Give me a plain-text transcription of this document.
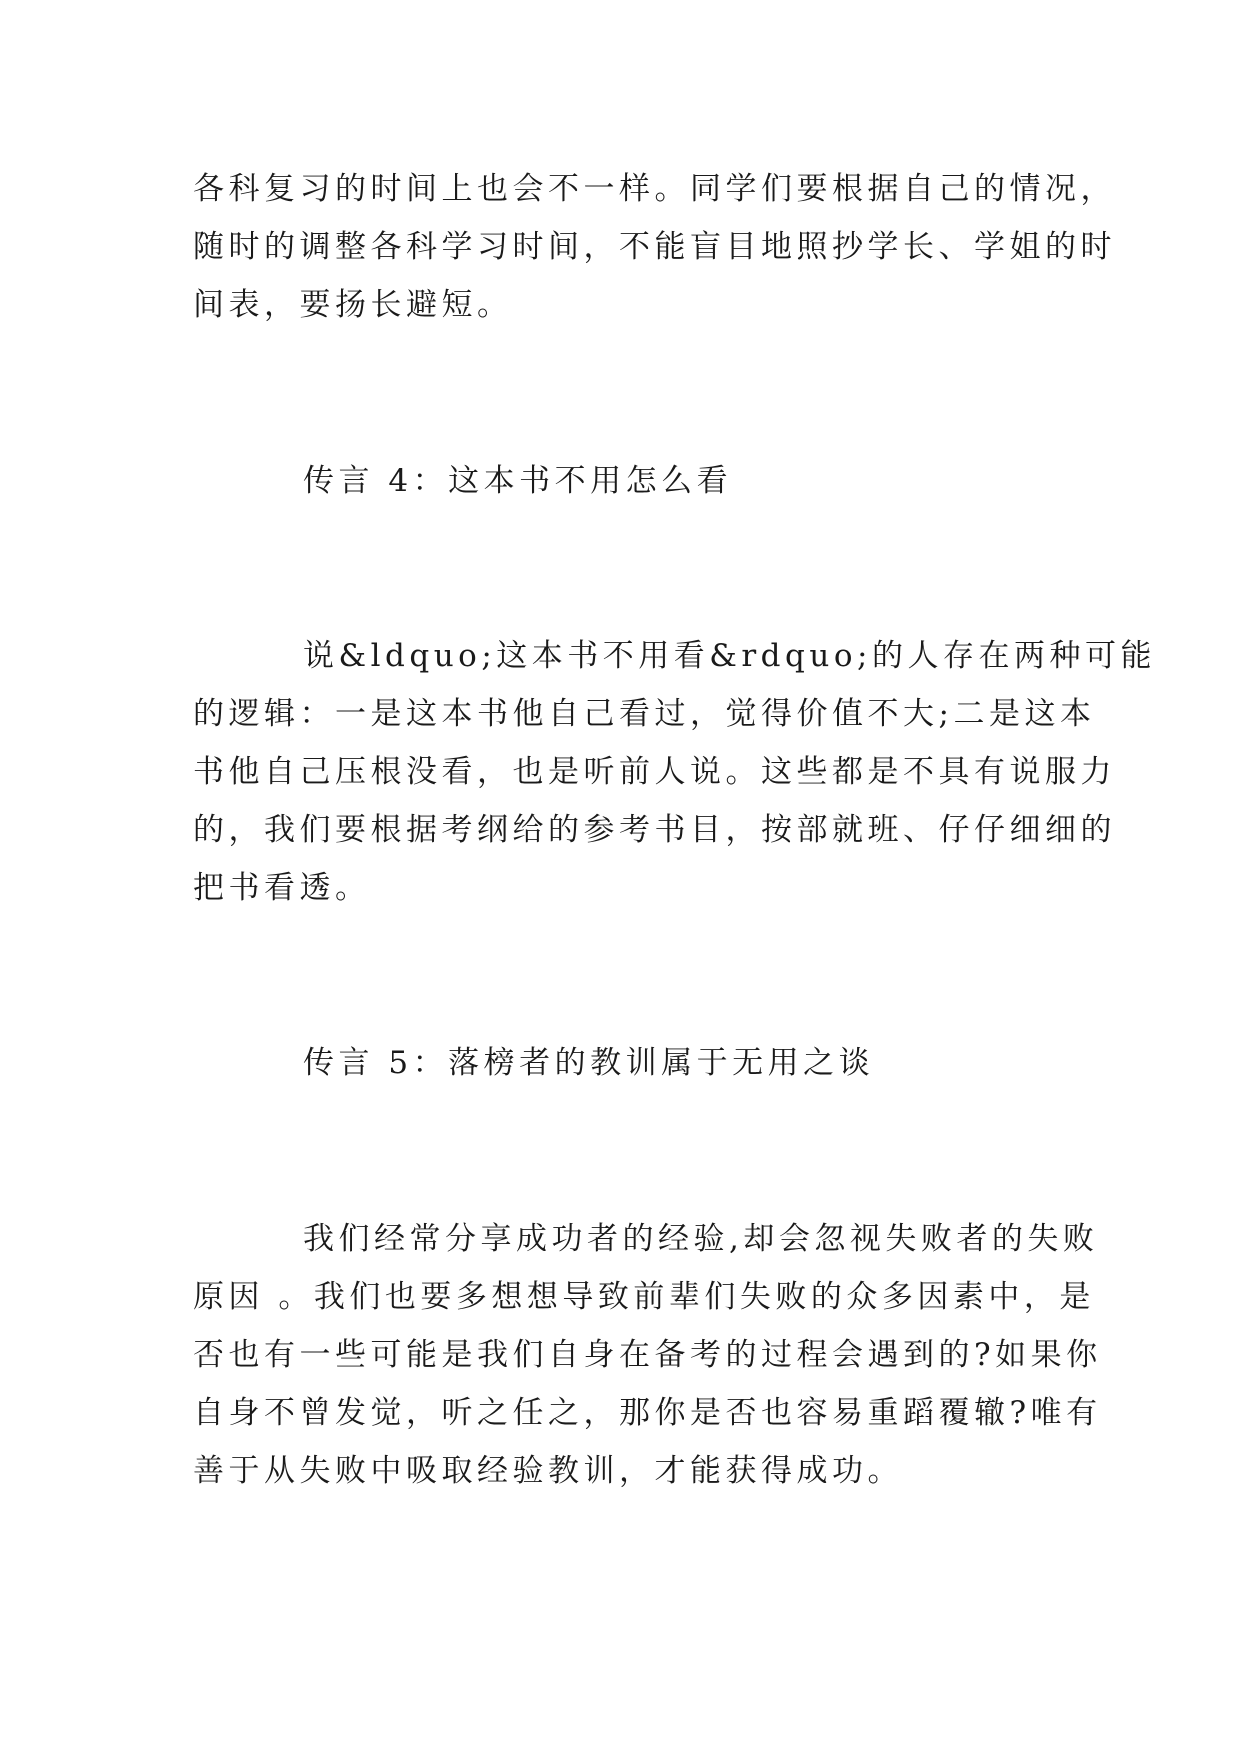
各科复习的时间上也会不一样。同学们要根据自己的情况，
随时的调整各科学习时间，不能盲目地照抄学长、学姐的时
间表，要扬长避短。
传言 4：这本书不用怎么看
说&ldquo;这本书不用看&rdquo;的人存在两种可能
的逻辑：一是这本书他自己看过，觉得价值不大;二是这本
书他自己压根没看，也是听前人说。这些都是不具有说服力
的，我们要根据考纲给的参考书目，按部就班、仔仔细细的
把书看透。
传言 5：落榜者的教训属于无用之谈
我们经常分享成功者的经验,却会忽视失败者的失败
原因 。我们也要多想想导致前辈们失败的众多因素中，是
否也有一些可能是我们自身在备考的过程会遇到的?如果你
自身不曾发觉，听之任之，那你是否也容易重蹈覆辙?唯有
善于从失败中吸取经验教训，才能获得成功。
